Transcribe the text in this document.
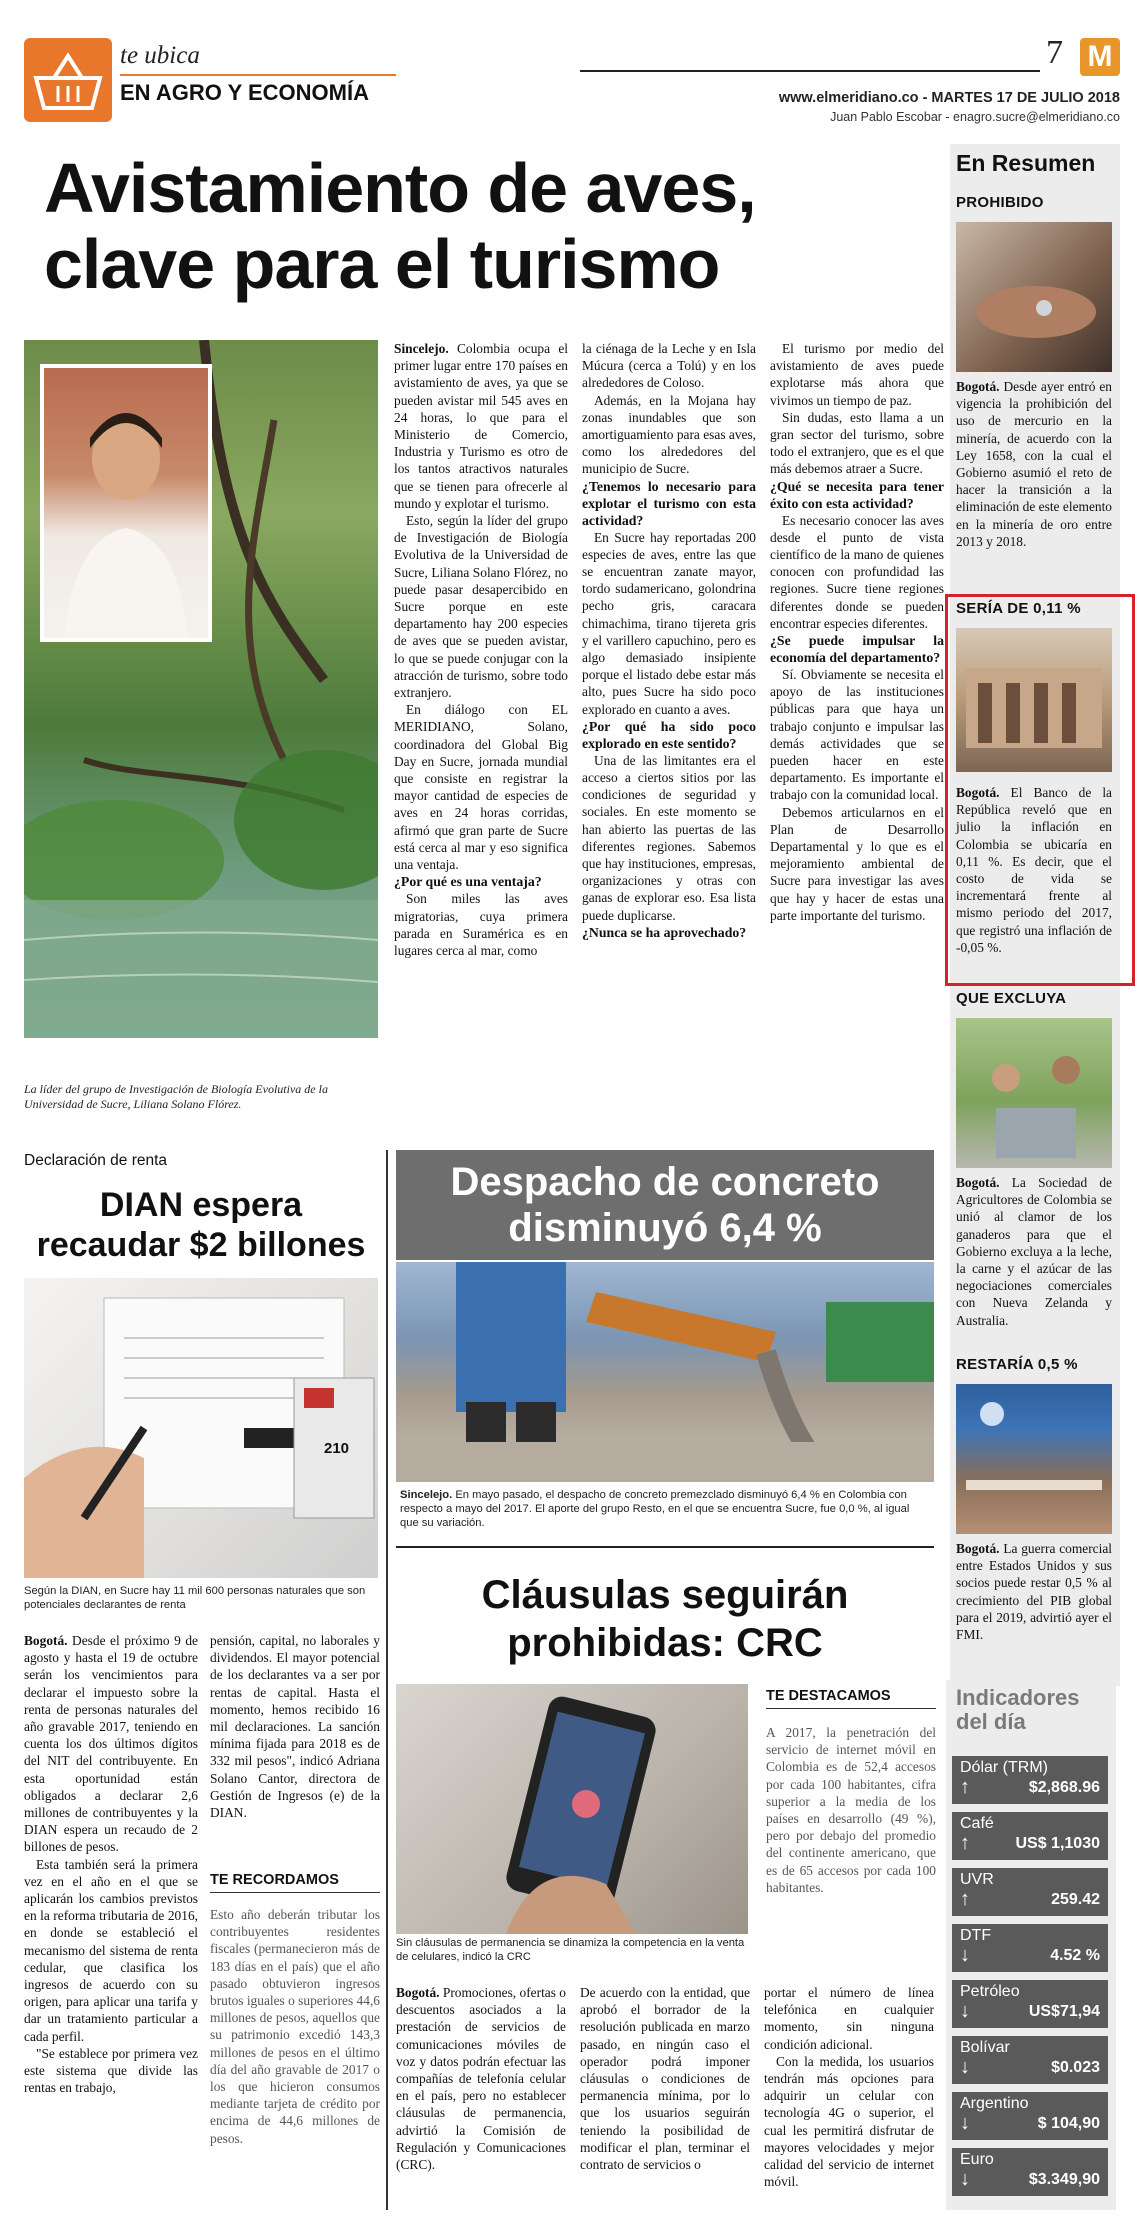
te ubica
EN AGRO Y ECONOMÍA
7 M
www.elmeridiano.co - MARTES 17 DE JULIO 2018
Juan Pablo Escobar - enagro.sucre@elmeridiano.co
Avistamiento de aves,
clave para el turismo
La líder del grupo de Investigación de Biología Evolutiva de la Universidad de Sucre, Liliana Solano Flórez.

Sincelejo. Colombia ocupa el primer lugar entre 170 países en avistamiento de aves, ya que se pueden avistar mil 545 aves en 24 horas, lo que para el Ministerio de Comercio, Industria y Turismo es otro de los tantos atractivos naturales que se tienen para ofrecerle al mundo y explotar el turismo.

Esto, según la líder del grupo de Investigación de Biología Evolutiva de la Universidad de Sucre, Liliana Solano Flórez, no puede pasar desapercibido en Sucre porque en este departamento hay 200 especies de aves que se pueden avistar, lo que se puede conjugar con la atracción de turismo, sobre todo extranjero.

En diálogo con EL MERIDIANO, Solano, coordinadora del Global Big Day en Sucre, jornada mundial que consiste en registrar la mayor cantidad de especies de aves en 24 horas corridas, afirmó que gran parte de Sucre está cerca al mar y eso significa una ventaja.

¿Por qué es una ventaja?

Son miles las aves migratorias, cuya primera parada en Suramérica es en lugares cerca al mar, como

la ciénaga de la Leche y en Isla Múcura (cerca a Tolú) y en los alrededores de Coloso.

Además, en la Mojana hay zonas inundables que son amortiguamiento para esas aves, como los alrededores del municipio de Sucre.

¿Tenemos lo necesario para explotar el turismo con esta actividad?

En Sucre hay reportadas 200 especies de aves, entre las que se encuentran zanate mayor, tordo sudamericano, golondrina pecho gris, caracara chimachima, tirano tijereta gris y el varillero capuchino, pero es algo demasiado insipiente porque el listado debe estar más alto, pues Sucre ha sido poco explorado en cuanto a aves.

¿Por qué ha sido poco explorado en este sentido?

Una de las limitantes era el acceso a ciertos sitios por las condiciones de seguridad y sociales. En este momento se han abierto las puertas de las diferentes regiones. Sabemos que hay instituciones, empresas, organizaciones y otras con ganas de explorar eso. Esa lista puede duplicarse.

¿Nunca se ha aprovechado?

El turismo por medio del avistamiento de aves puede explotarse más ahora que vivimos un tiempo de paz.

Sin dudas, esto llama a un gran sector del turismo, sobre todo el extranjero, que es el que más debemos atraer a Sucre.

¿Qué se necesita para tener éxito con esta actividad?

Es necesario conocer las aves desde el punto de vista científico de la mano de quienes conocen con profundidad las regiones. Sucre tiene regiones diferentes donde se pueden encontrar especies diferentes.

¿Se puede impulsar la economía del departamento?

Sí. Obviamente se necesita el apoyo de las instituciones públicas para que haya un trabajo conjunto e impulsar las demás actividades que se pueden hacer en este departamento. Es importante el trabajo con la comunidad local.

Debemos articularnos en el Plan de Desarrollo Departamental y lo que es el mejoramiento ambiental de Sucre para investigar las aves que hay y hacer de estas una parte importante del turismo.

En Resumen
PROHIBIDO

Bogotá. Desde ayer entró en vigencia la prohibición del uso de mercurio en la minería, de acuerdo con la Ley 1658, con la cual el Gobierno asumió el reto de hacer la transición a la eliminación de este elemento en la minería de oro entre 2013 y 2018.

SERÍA DE 0,11 %

Bogotá. El Banco de la República reveló que en julio la inflación en Colombia se ubicaría en 0,11 %. Es decir, que el costo de vida se incrementará frente al mismo periodo del 2017, que registró una inflación de -0,05 %.

QUE EXCLUYA

Bogotá. La Sociedad de Agricultores de Colombia se unió al clamor de los ganaderos para que el Gobierno excluya a la leche, la carne y el azúcar de las negociaciones comerciales con Nueva Zelanda y Australia.

RESTARÍA 0,5 %

Bogotá. La guerra comercial entre Estados Unidos y sus socios puede restar 0,5 % al crecimiento del PIB global para el 2019, advirtió ayer el FMI.

Indicadores del día
Dólar (TRM)
↑	$2,868.96
Café
↑	US$ 1,1030
UVR
↑	259.42
DTF
↓	4.52 %
Petróleo
↓	US$71,94
Bolívar
↓	$0.023
Argentino
↓	$ 104,90
Euro
↓	$3.349,90
Declaración de renta
DIAN espera
recaudar $2 billones
210
Según la DIAN, en Sucre hay 11 mil 600 personas naturales que son potenciales declarantes de renta

Bogotá. Desde el próximo 9 de agosto y hasta el 19 de octubre serán los vencimientos para declarar el impuesto sobre la renta de personas naturales del año gravable 2017, teniendo en cuenta los dos últimos dígitos del NIT del contribuyente. En esta oportunidad están obligados a declarar 2,6 millones de contribuyentes y la DIAN espera un recaudo de 2 billones de pesos.

Esta también será la primera vez en el año en el que se aplicarán los cambios previstos en la reforma tributaria de 2016, en donde se estableció el mecanismo del sistema de renta cedular, que clasifica los ingresos de acuerdo con su origen, para aplicar una tarifa y dar un tratamiento particular a cada perfil.

"Se establece por primera vez este sistema que divide las rentas en trabajo,

pensión, capital, no laborales y dividendos. El mayor potencial de los declarantes va a ser por rentas de capital. Hasta el momento, hemos recibido 16 mil declaraciones. La sanción mínima fijada para 2018 es de 332 mil pesos", indicó Adriana Solano Cantor, directora de Gestión de Ingresos (e) de la DIAN.

TE RECORDAMOS
Esto año deberán tributar los contribuyentes residentes fiscales (permanecieron más de 183 días en el país) que el año pasado obtuvieron ingresos brutos iguales o superiores 44,6 millones de pesos, aquellos que su patrimonio excedió 143,3 millones de pesos en el último día del año gravable de 2017 o los que hicieron consumos mediante tarjeta de crédito por encima de 44,6 millones de pesos.
Despacho de concreto
disminuyó 6,4 %
Sincelejo. En mayo pasado, el despacho de concreto premezclado disminuyó 6,4 % en Colombia con respecto a mayo del 2017. El aporte del grupo Resto, en el que se encuentra Sucre, fue 0,0 %, al igual que su variación.
Cláusulas seguirán
prohibidas: CRC
Sin cláusulas de permanencia se dinamiza la competencia en la venta de celulares, indicó la CRC
TE DESTACAMOS
A 2017, la penetración del servicio de internet móvil en Colombia es de 52,4 accesos por cada 100 habitantes, cifra superior a la media de los países en desarrollo (49 %), pero por debajo del promedio del continente americano, que es de 65 accesos por cada 100 habitantes.

Bogotá. Promociones, ofertas o descuentos asociados a la prestación de servicios de comunicaciones móviles de voz y datos podrán efectuar las compañías de telefonía celular en el país, pero no establecer cláusulas de permanencia, advirtió la Comisión de Regulación y Comunicaciones (CRC).

De acuerdo con la entidad, que aprobó el borrador de la resolución publicada en marzo pasado, en ningún caso el operador podrá imponer cláusulas o condiciones de permanencia mínima, por lo que los usuarios seguirán teniendo la posibilidad de modificar el plan, terminar el contrato de servicios o

portar el número de línea telefónica en cualquier momento, sin ninguna condición adicional.

Con la medida, los usuarios tendrán más opciones para adquirir un celular con tecnología 4G o superior, el cual les permitirá disfrutar de mayores velocidades y mejor calidad del servicio de internet móvil.
